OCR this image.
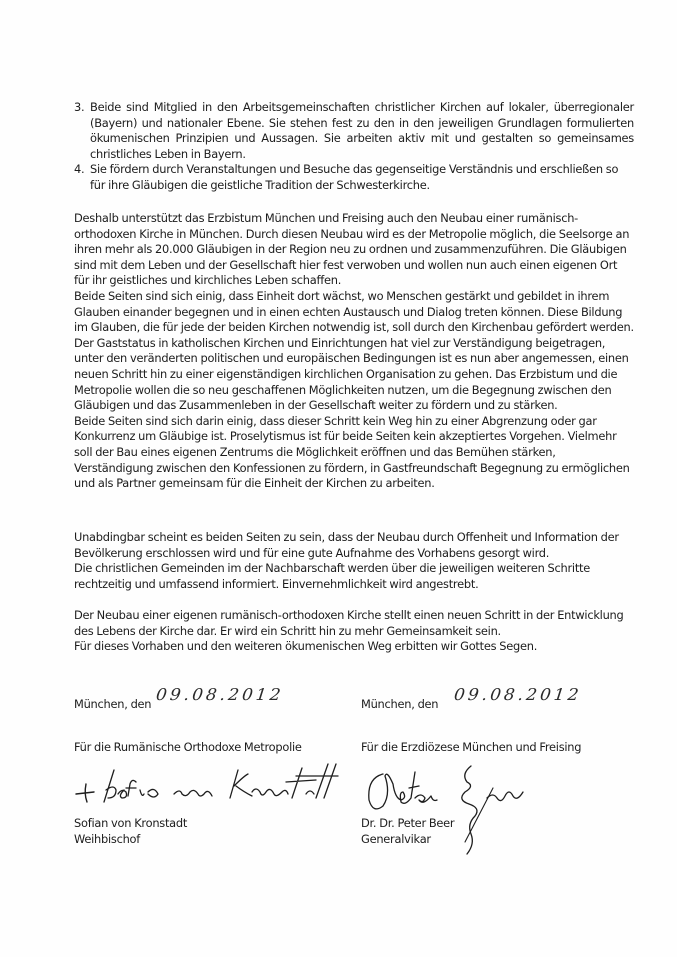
3. Beide sind Mitglied in den Arbeitsgemeinschaften christlicher Kirchen auf lokaler, überregionaler (Bayern) und nationaler Ebene. Sie stehen fest zu den in den jeweiligen Grundlagen formulierten ökumenischen Prinzipien und Aussagen. Sie arbeiten aktiv mit und gestalten so gemeinsames christliches Leben in Bayern.
4. Sie fördern durch Veranstaltungen und Besuche das gegenseitige Verständnis und erschließen so für ihre Gläubigen die geistliche Tradition der Schwesterkirche.

Deshalb unterstützt das Erzbistum München und Freising auch den Neubau einer rumänisch-orthodoxen Kirche in München. Durch diesen Neubau wird es der Metropolie möglich, die Seelsorge an ihren mehr als 20.000 Gläubigen in der Region neu zu ordnen und zusammenzuführen. Die Gläubigen sind mit dem Leben und der Gesellschaft hier fest verwoben und wollen nun auch einen eigenen Ort für ihr geistliches und kirchliches Leben schaffen.

Beide Seiten sind sich einig, dass Einheit dort wächst, wo Menschen gestärkt und gebildet in ihrem Glauben einander begegnen und in einen echten Austausch und Dialog treten können. Diese Bildung im Glauben, die für jede der beiden Kirchen notwendig ist, soll durch den Kirchenbau gefördert werden.

Der Gaststatus in katholischen Kirchen und Einrichtungen hat viel zur Verständigung beigetragen, unter den veränderten politischen und europäischen Bedingungen ist es nun aber angemessen, einen neuen Schritt hin zu einer eigenständigen kirchlichen Organisation zu gehen. Das Erzbistum und die Metropolie wollen die so neu geschaffenen Möglichkeiten nutzen, um die Begegnung zwischen den Gläubigen und das Zusammenleben in der Gesellschaft weiter zu fördern und zu stärken.

Beide Seiten sind sich darin einig, dass dieser Schritt kein Weg hin zu einer Abgrenzung oder gar Konkurrenz um Gläubige ist. Proselytismus ist für beide Seiten kein akzeptiertes Vorgehen. Vielmehr soll der Bau eines eigenen Zentrums die Möglichkeit eröffnen und das Bemühen stärken, Verständigung zwischen den Konfessionen zu fördern, in Gastfreundschaft Begegnung zu ermöglichen und als Partner gemeinsam für die Einheit der Kirchen zu arbeiten.

Unabdingbar scheint es beiden Seiten zu sein, dass der Neubau durch Offenheit und Information der Bevölkerung erschlossen wird und für eine gute Aufnahme des Vorhabens gesorgt wird.

Die christlichen Gemeinden im der Nachbarschaft werden über die jeweiligen weiteren Schritte rechtzeitig und umfassend informiert. Einvernehmlichkeit wird angestrebt.

Der Neubau einer eigenen rumänisch-orthodoxen Kirche stellt einen neuen Schritt in der Entwicklung des Lebens der Kirche dar. Er wird ein Schritt hin zu mehr Gemeinsamkeit sein.

Für dieses Vorhaben und den weiteren ökumenischen Weg erbitten wir Gottes Segen.

München, den 09.08.2012
Für die Rumänische Orthodoxe Metropolie
Sofian von Kronstadt
Weihbischof
München, den 09.08.2012
Für die Erzdiözese München und Freising
Dr. Dr. Peter Beer
Generalvikar
